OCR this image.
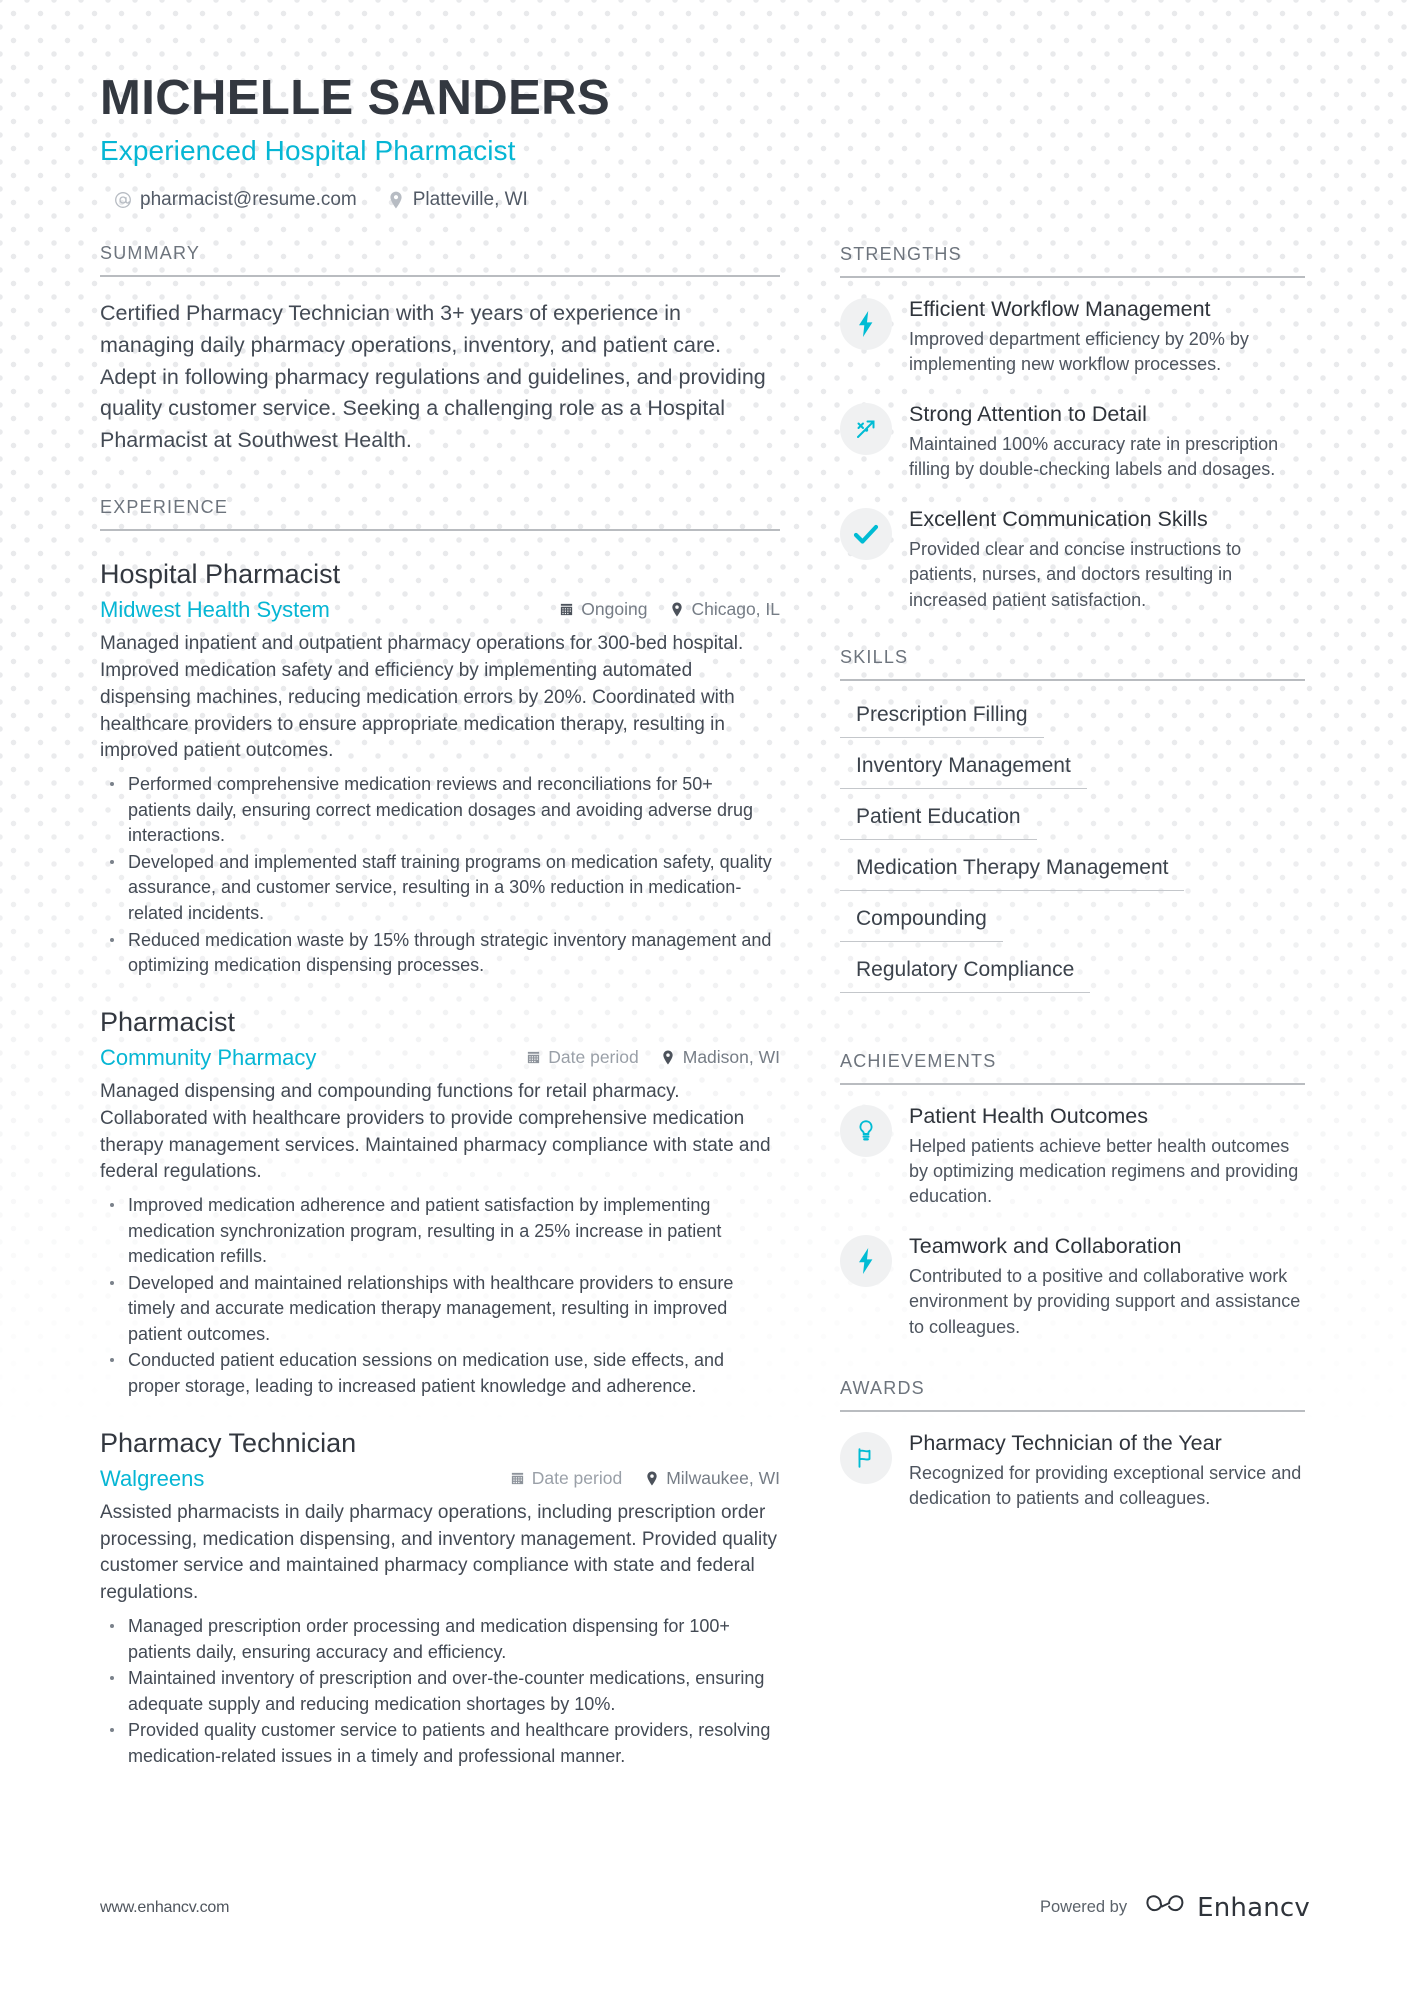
MICHELLE SANDERS
Experienced Hospital Pharmacist
pharmacist@resume.com	Platteville, WI
SUMMARY
Certified Pharmacy Technician with 3+ years of experience in managing daily pharmacy operations, inventory, and patient care. Adept in following pharmacy regulations and guidelines, and providing quality customer service. Seeking a challenging role as a Hospital Pharmacist at Southwest Health.
EXPERIENCE
Hospital Pharmacist
Midwest Health System	Ongoing	Chicago, IL
Managed inpatient and outpatient pharmacy operations for 300-bed hospital. Improved medication safety and efficiency by implementing automated dispensing machines, reducing medication errors by 20%. Coordinated with healthcare providers to ensure appropriate medication therapy, resulting in improved patient outcomes.
Performed comprehensive medication reviews and reconciliations for 50+ patients daily, ensuring correct medication dosages and avoiding adverse drug interactions.
Developed and implemented staff training programs on medication safety, quality assurance, and customer service, resulting in a 30% reduction in medication-related incidents.
Reduced medication waste by 15% through strategic inventory management and optimizing medication dispensing processes.
Pharmacist
Community Pharmacy	Date period	Madison, WI
Managed dispensing and compounding functions for retail pharmacy. Collaborated with healthcare providers to provide comprehensive medication therapy management services. Maintained pharmacy compliance with state and federal regulations.
Improved medication adherence and patient satisfaction by implementing medication synchronization program, resulting in a 25% increase in patient medication refills.
Developed and maintained relationships with healthcare providers to ensure timely and accurate medication therapy management, resulting in improved patient outcomes.
Conducted patient education sessions on medication use, side effects, and proper storage, leading to increased patient knowledge and adherence.
Pharmacy Technician
Walgreens	Date period	Milwaukee, WI
Assisted pharmacists in daily pharmacy operations, including prescription order processing, medication dispensing, and inventory management. Provided quality customer service and maintained pharmacy compliance with state and federal regulations.
Managed prescription order processing and medication dispensing for 100+ patients daily, ensuring accuracy and efficiency.
Maintained inventory of prescription and over-the-counter medications, ensuring adequate supply and reducing medication shortages by 10%.
Provided quality customer service to patients and healthcare providers, resolving medication-related issues in a timely and professional manner.
STRENGTHS
Efficient Workflow Management
Improved department efficiency by 20% by implementing new workflow processes.
Strong Attention to Detail
Maintained 100% accuracy rate in prescription filling by double-checking labels and dosages.
Excellent Communication Skills
Provided clear and concise instructions to patients, nurses, and doctors resulting in increased patient satisfaction.
SKILLS
Prescription Filling
Inventory Management
Patient Education
Medication Therapy Management
Compounding
Regulatory Compliance
ACHIEVEMENTS
Patient Health Outcomes
Helped patients achieve better health outcomes by optimizing medication regimens and providing education.
Teamwork and Collaboration
Contributed to a positive and collaborative work environment by providing support and assistance to colleagues.
AWARDS
Pharmacy Technician of the Year
Recognized for providing exceptional service and dedication to patients and colleagues.
www.enhancv.com	Powered by	Enhancv
